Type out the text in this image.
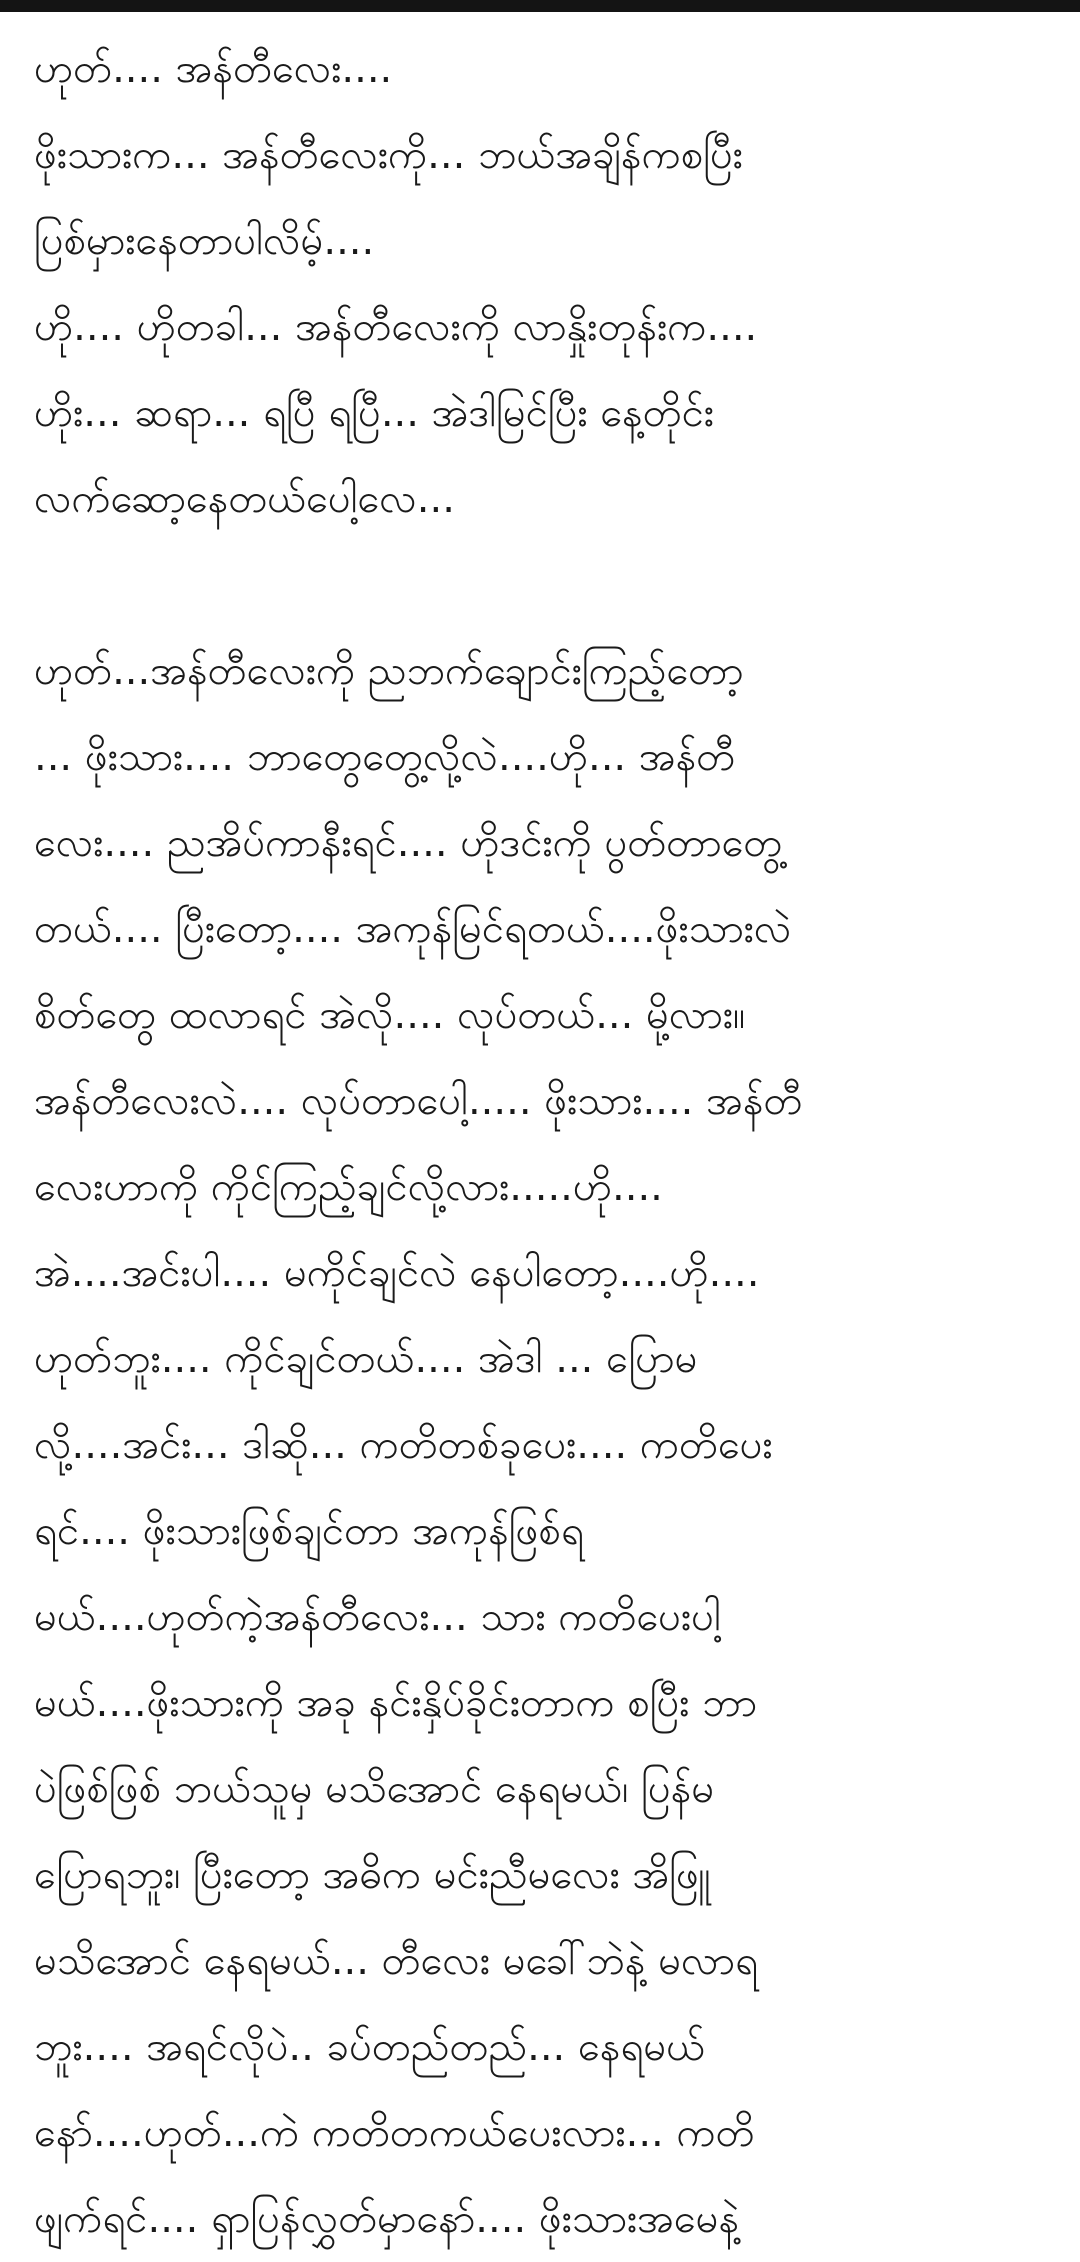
ဟုတ်.... အန်တီလေး....
ဖိုးသားက... အန်တီလေးကို... ဘယ်အချိန်ကစပြီး
ပြစ်မှားနေတာပါလိမ့်....
ဟို.... ဟိုတခါ... အန်တီလေးကို လာနှိုးတုန်းက....
ဟိုး... ဆရာ... ရပြီ ရပြီ... အဲဒါမြင်ပြီး နေ့တိုင်း
လက်ဆော့နေတယ်ပေါ့လေ...

ဟုတ်...အန်တီလေးကို ညဘက်ချောင်းကြည့်တော့
... ဖိုးသား.... ဘာတွေတွေ့လို့လဲ....ဟို... အန်တီ
လေး.... ညအိပ်ကာနီးရင်.... ဟိုဒင်းကို ပွတ်တာတွေ့
တယ်.... ပြီးတော့.... အကုန်မြင်ရတယ်....ဖိုးသားလဲ
စိတ်တွေ ထလာရင် အဲလို.... လုပ်တယ်... မို့လား။
အန်တီလေးလဲ.... လုပ်တာပေါ့..... ဖိုးသား.... အန်တီ
လေးဟာကို ကိုင်ကြည့်ချင်လို့လား.....ဟို....
အဲ....အင်းပါ.... မကိုင်ချင်လဲ နေပါတော့....ဟို....
ဟုတ်ဘူး.... ကိုင်ချင်တယ်.... အဲဒါ ... ပြောမ
လို့....အင်း... ဒါဆို... ကတိတစ်ခုပေး.... ကတိပေး
ရင်.... ဖိုးသားဖြစ်ချင်တာ အကုန်ဖြစ်ရ
မယ်....ဟုတ်ကဲ့အန်တီလေး... သား ကတိပေးပါ့
မယ်....ဖိုးသားကို အခု နင်းနှိပ်ခိုင်းတာက စပြီး ဘာ
ပဲဖြစ်ဖြစ် ဘယ်သူမှ မသိအောင် နေရမယ်၊ ပြန်မ
ပြောရဘူး၊ ပြီးတော့ အဓိက မင်းညီမလေး အိဖြူ
မသိအောင် နေရမယ်... တီလေး မခေါ်ဘဲနဲ့ မလာရ
ဘူး.... အရင်လိုပဲ.. ခပ်တည်တည်... နေရမယ်
နော်....ဟုတ်...ကဲ ကတိတကယ်ပေးလား... ကတိ
ဖျက်ရင်.... ရှာပြန်လွှတ်မှာနော်.... ဖိုးသားအမေနဲ့
